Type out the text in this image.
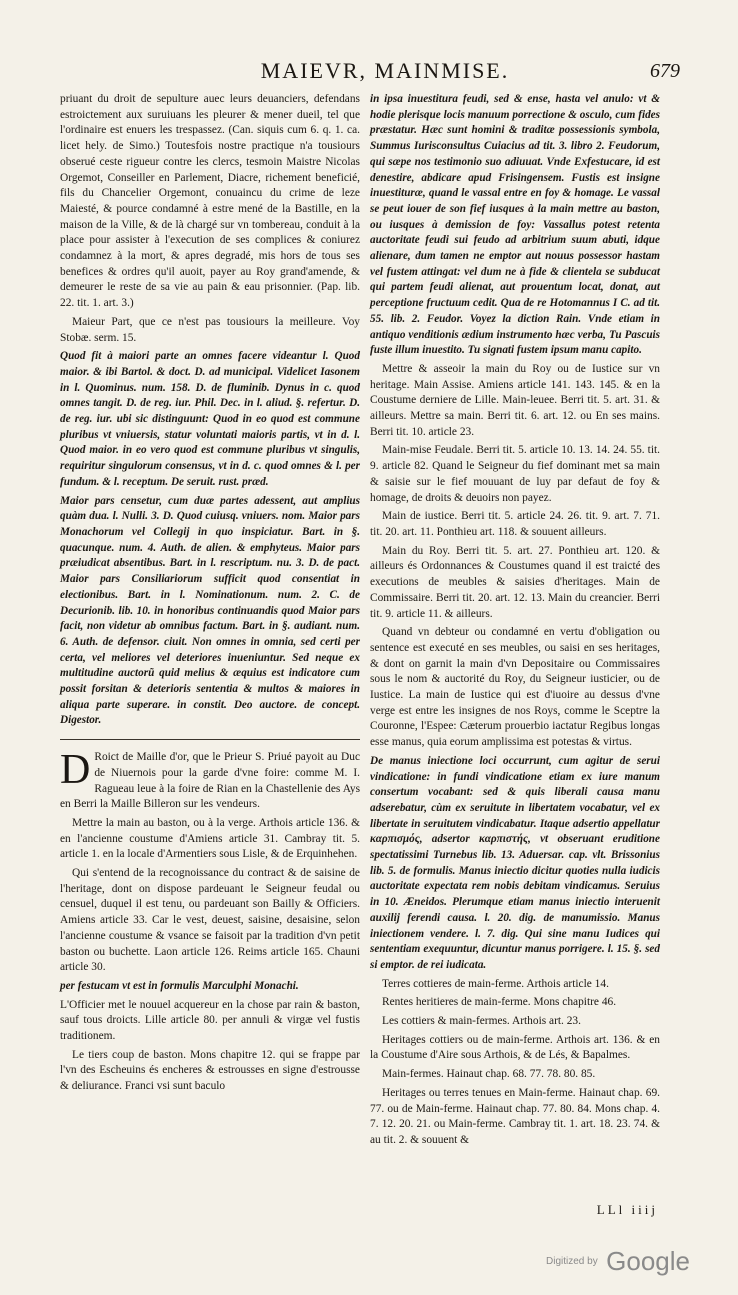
MAIEVR, MAINMISE.	679

priuant du droit de sepulture auec leurs deuanciers, defendans estroictement aux suruiuans les pleurer & mener dueil, tel que l'ordinaire est enuers les trespassez. (Can. siquis cum 6. q. 1. ca. licet hely. de Simo.) Toutesfois nostre practique n'a tousiours obserué ceste rigueur contre les clercs, tesmoin Maistre Nicolas Orgemot, Conseiller en Parlement, Diacre, richement beneficié, fils du Chancelier Orgemont, conuaincu du crime de leze Maiesté, & pource condamné à estre mené de la Bastille, en la maison de la Ville, & de là chargé sur vn tombereau, conduit à la place pour assister à l'execution de ses complices & coniurez condamnez à la mort, & apres degradé, mis hors de tous ses benefices & ordres qu'il auoit, payer au Roy grand'amende, & demeurer le reste de sa vie au pain & eau prisonnier. (Pap. lib. 22. tit. 1. art. 3.)

Maieur Part, que ce n'est pas tousiours la meilleure. Voy Stobæ. serm. 15.

Quod fit à maiori parte an omnes facere videantur l. Quod maior. & ibi Bartol. & doct. D. ad municipal. Videlicet Iasonem in l. Quominus. num. 158. D. de fluminib. Dynus in c. quod omnes tangit. D. de reg. iur. Phil. Dec. in l. aliud. §. refertur. D. de reg. iur. ubi sic distinguunt: Quod in eo quod est commune pluribus vt vniuersis, statur voluntati maioris partis, vt in d. l. Quod maior. in eo vero quod est commune pluribus vt singulis, requiritur singulorum consensus, vt in d. c. quod omnes & l. per fundum. & l. receptum. De seruit. rust. præd.

Maior pars censetur, cum duæ partes adessent, aut amplius quàm dua. l. Nulli. 3. D. Quod cuiusq. vniuers. nom. Maior pars Monachorum vel Collegij in quo inspiciatur. Bart. in §. quacunque. num. 4. Auth. de alien. & emphyteus. Maior pars præiudicat absentibus. Bart. in l. rescriptum. nu. 3. D. de pact. Maior pars Consiliariorum sufficit quod consentiat in electionibus. Bart. in l. Nominationum. num. 2. C. de Decurionib. lib. 10. in honoribus continuandis quod Maior pars facit, non videtur ab omnibus factum. Bart. in §. audiant. num. 6. Auth. de defensor. ciuit. Non omnes in omnia, sed certi per certa, vel meliores vel deteriores inueniuntur. Sed neque ex multitudine auctorũ quid melius & æquius est indicatore cum possit forsitan & deterioris sententia & multos & maiores in aliqua parte superare. in constit. Deo auctore. de concept. Digestor.

D Roict de Maille d'or, que le Prieur S. Priué payoit au Duc de Niuernois pour la garde d'vne foire: comme M. I. Ragueau leue à la foire de Rian en la Chastellenie des Ays en Berri la Maille Billeron sur les vendeurs.

Mettre la main au baston, ou à la verge. Arthois article 136. & en l'ancienne coustume d'Amiens article 31. Cambray tit. 5. article 1. en la locale d'Armentiers sous Lisle, & de Erquinhehen.

Qui s'entend de la recognoissance du contract & de saisine de l'heritage, dont on dispose pardeuant le Seigneur feudal ou censuel, duquel il est tenu, ou pardeuant son Bailly & Officiers. Amiens article 33. Car le vest, deuest, saisine, desaisine, selon l'ancienne coustume & vsance se faisoit par la tradition d'vn petit baston ou buchette. Laon article 126. Reims article 165. Chauni article 30.

per festucam vt est in formulis Marculphi Monachi.

L'Officier met le nouuel acquereur en la chose par rain & baston, sauf tous droicts. Lille article 80. per annuli & virgæ vel fustis traditionem.

Le tiers coup de baston. Mons chapitre 12. qui se frappe par l'vn des Escheuins és encheres & estrousses en signe d'estrousse & deliurance. Franci vsi sunt baculo

in ipsa inuestitura feudi, sed & ense, hasta vel anulo: vt & hodie plerisque locis manuum porrectione & osculo, cum fides præstatur. Hæc sunt homini & traditæ possessionis symbola, Summus Iurisconsultus Cuiacius ad tit. 3. libro 2. Feudorum, qui sæpe nos testimonio suo adiuuat. Vnde Exfestucare, id est denestire, abdicare apud Frisingensem. Fustis est insigne inuestituræ, quand le vassal entre en foy & homage. Le vassal se peut iouer de son fief iusques à la main mettre au baston, ou iusques à demission de foy: Vassallus potest retenta auctoritate feudi sui feudo ad arbitrium suum abuti, idque alienare, dum tamen ne emptor aut nouus possessor hastam vel fustem attingat: vel dum ne à fide & clientela se subducat qui partem feudi alienat, aut prouentum locat, donat, aut perceptione fructuum cedit. Qua de re Hotomannus I C. ad tit. 55. lib. 2. Feudor. Voyez la diction Rain. Vnde etiam in antiquo venditionis ædium instrumento hæc verba, Tu Pascuis fuste illum inuestito. Tu signati fustem ipsum manu capito.

Mettre & asseoir la main du Roy ou de Iustice sur vn heritage. Main Assise. Amiens article 141. 143. 145. & en la Coustume derniere de Lille. Main-leuee. Berri tit. 5. art. 31. & ailleurs. Mettre sa main. Berri tit. 6. art. 12. ou En ses mains. Berri tit. 10. article 23.

Main-mise Feudale. Berri tit. 5. article 10. 13. 14. 24. 55. tit. 9. article 82. Quand le Seigneur du fief dominant met sa main & saisie sur le fief mouuant de luy par defaut de foy & homage, de droits & deuoirs non payez.

Main de iustice. Berri tit. 5. article 24. 26. tit. 9. art. 7. 71. tit. 20. art. 11. Ponthieu art. 118. & souuent ailleurs.

Main du Roy. Berri tit. 5. art. 27. Ponthieu art. 120. & ailleurs és Ordonnances & Coustumes quand il est traicté des executions de meubles & saisies d'heritages. Main de Commissaire. Berri tit. 20. art. 12. 13. Main du creancier. Berri tit. 9. article 11. & ailleurs.

Quand vn debteur ou condamné en vertu d'obligation ou sentence est executé en ses meubles, ou saisi en ses heritages, & dont on garnit la main d'vn Depositaire ou Commissaires sous le nom & auctorité du Roy, du Seigneur iusticier, ou de Iustice. La main de Iustice qui est d'iuoire au dessus d'vne verge est entre les insignes de nos Roys, comme le Sceptre la Couronne, l'Espee: Cæterum prouerbio iactatur Regibus longas esse manus, quia eorum amplissima est potestas & virtus.

De manus iniectione loci occurrunt, cum agitur de serui vindicatione: in fundi vindicatione etiam ex iure manum consertum vocabant: sed & quis liberali causa manu adserebatur, cùm ex seruitute in libertatem vocabatur, vel ex libertate in seruitutem vindicabatur. Itaque adsertio appellatur καρπισμός, adsertor καρπιστής, vt obseruant eruditione spectatissimi Turnebus lib. 13. Aduersar. cap. vlt. Brissonius lib. 5. de formulis. Manus iniectio dicitur quoties nulla iudicis auctoritate expectata rem nobis debitam vindicamus. Seruius in 10. Æneidos. Plerumque etiam manus iniectio interuenit auxilij ferendi causa. l. 20. dig. de manumissio. Manus iniectionem vendere. l. 7. dig. Qui sine manu Iudices qui sententiam exequuntur, dicuntur manus porrigere. l. 15. §. sed si emptor. de rei iudicata.

Terres cottieres de main-ferme. Arthois article 14.

Rentes heritieres de main-ferme. Mons chapitre 46.

Les cottiers & main-fermes. Arthois art. 23.

Heritages cottiers ou de main-ferme. Arthois art. 136. & en la Coustume d'Aire sous Arthois, & de Lés, & Bapalmes.

Main-fermes. Hainaut chap. 68. 77. 78. 80. 85.

Heritages ou terres tenues en Main-ferme. Hainaut chap. 69. 77. ou de Main-ferme. Hainaut chap. 77. 80. 84. Mons chap. 4. 7. 12. 20. 21. ou Main-ferme. Cambray tit. 1. art. 18. 23. 74. & au tit. 2. & souuent &

LLl iiij
Digitized by Google
